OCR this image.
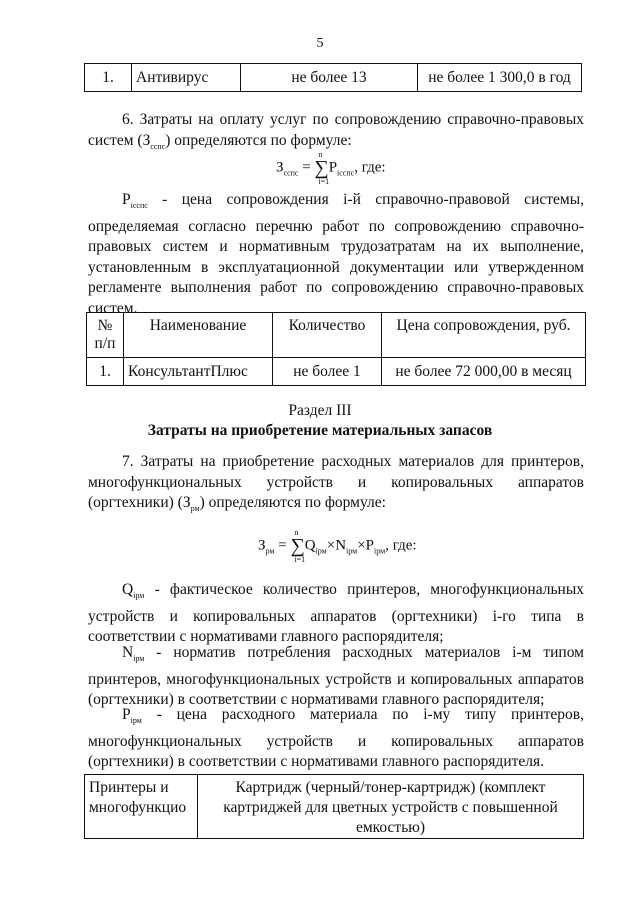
5
1.	Антивирус	не более 13	не более 1 300,0 в год
6. Затраты на оплату услуг по сопровождению справочно-правовых систем $(З_{сспс})$ определяются по формуле:
$З_{сспс}$ = ∑
n
i=1
$P_{iсспс}$, где:
$P_{iсспс}$ - цена сопровождения i-й справочно-правовой системы, определяемая согласно перечню работ по сопровождению справочно-правовых систем и нормативным трудозатратам на их выполнение, установленным в эксплуатационной документации или утвержденном регламенте выполнения работ по сопровождению справочно-правовых систем.
№ п/п	Наименование	Количество	Цена сопровождения, руб.
1.	КонсультантПлюс	не более 1	не более 72 000,00 в месяц
Раздел III
Затраты на приобретение материальных запасов
7. Затраты на приобретение расходных материалов для принтеров, многофункциональных устройств и копировальных аппаратов (оргтехники) $(З_{рм})$ определяются по формуле:
$З_{рм}$ = ∑
n
i=1
$Q_{iрм}\times N_{iрм}\times P_{iрм}$, где:
$Q_{iрм}$ - фактическое количество принтеров, многофункциональных устройств и копировальных аппаратов (оргтехники) i-го типа в соответствии с нормативами главного распорядителя;
$N_{iрм}$ - норматив потребления расходных материалов i-м типом принтеров, многофункциональных устройств и копировальных аппаратов (оргтехники) в соответствии с нормативами главного распорядителя;
$P_{iрм}$ - цена расходного материала по i-му типу принтеров, многофункциональных устройств и копировальных аппаратов (оргтехники) в соответствии с нормативами главного распорядителя.
Принтеры и многофункцио	Картридж (черный/тонер-картридж) (комплект картриджей для цветных устройств с повышенной емкостью)
